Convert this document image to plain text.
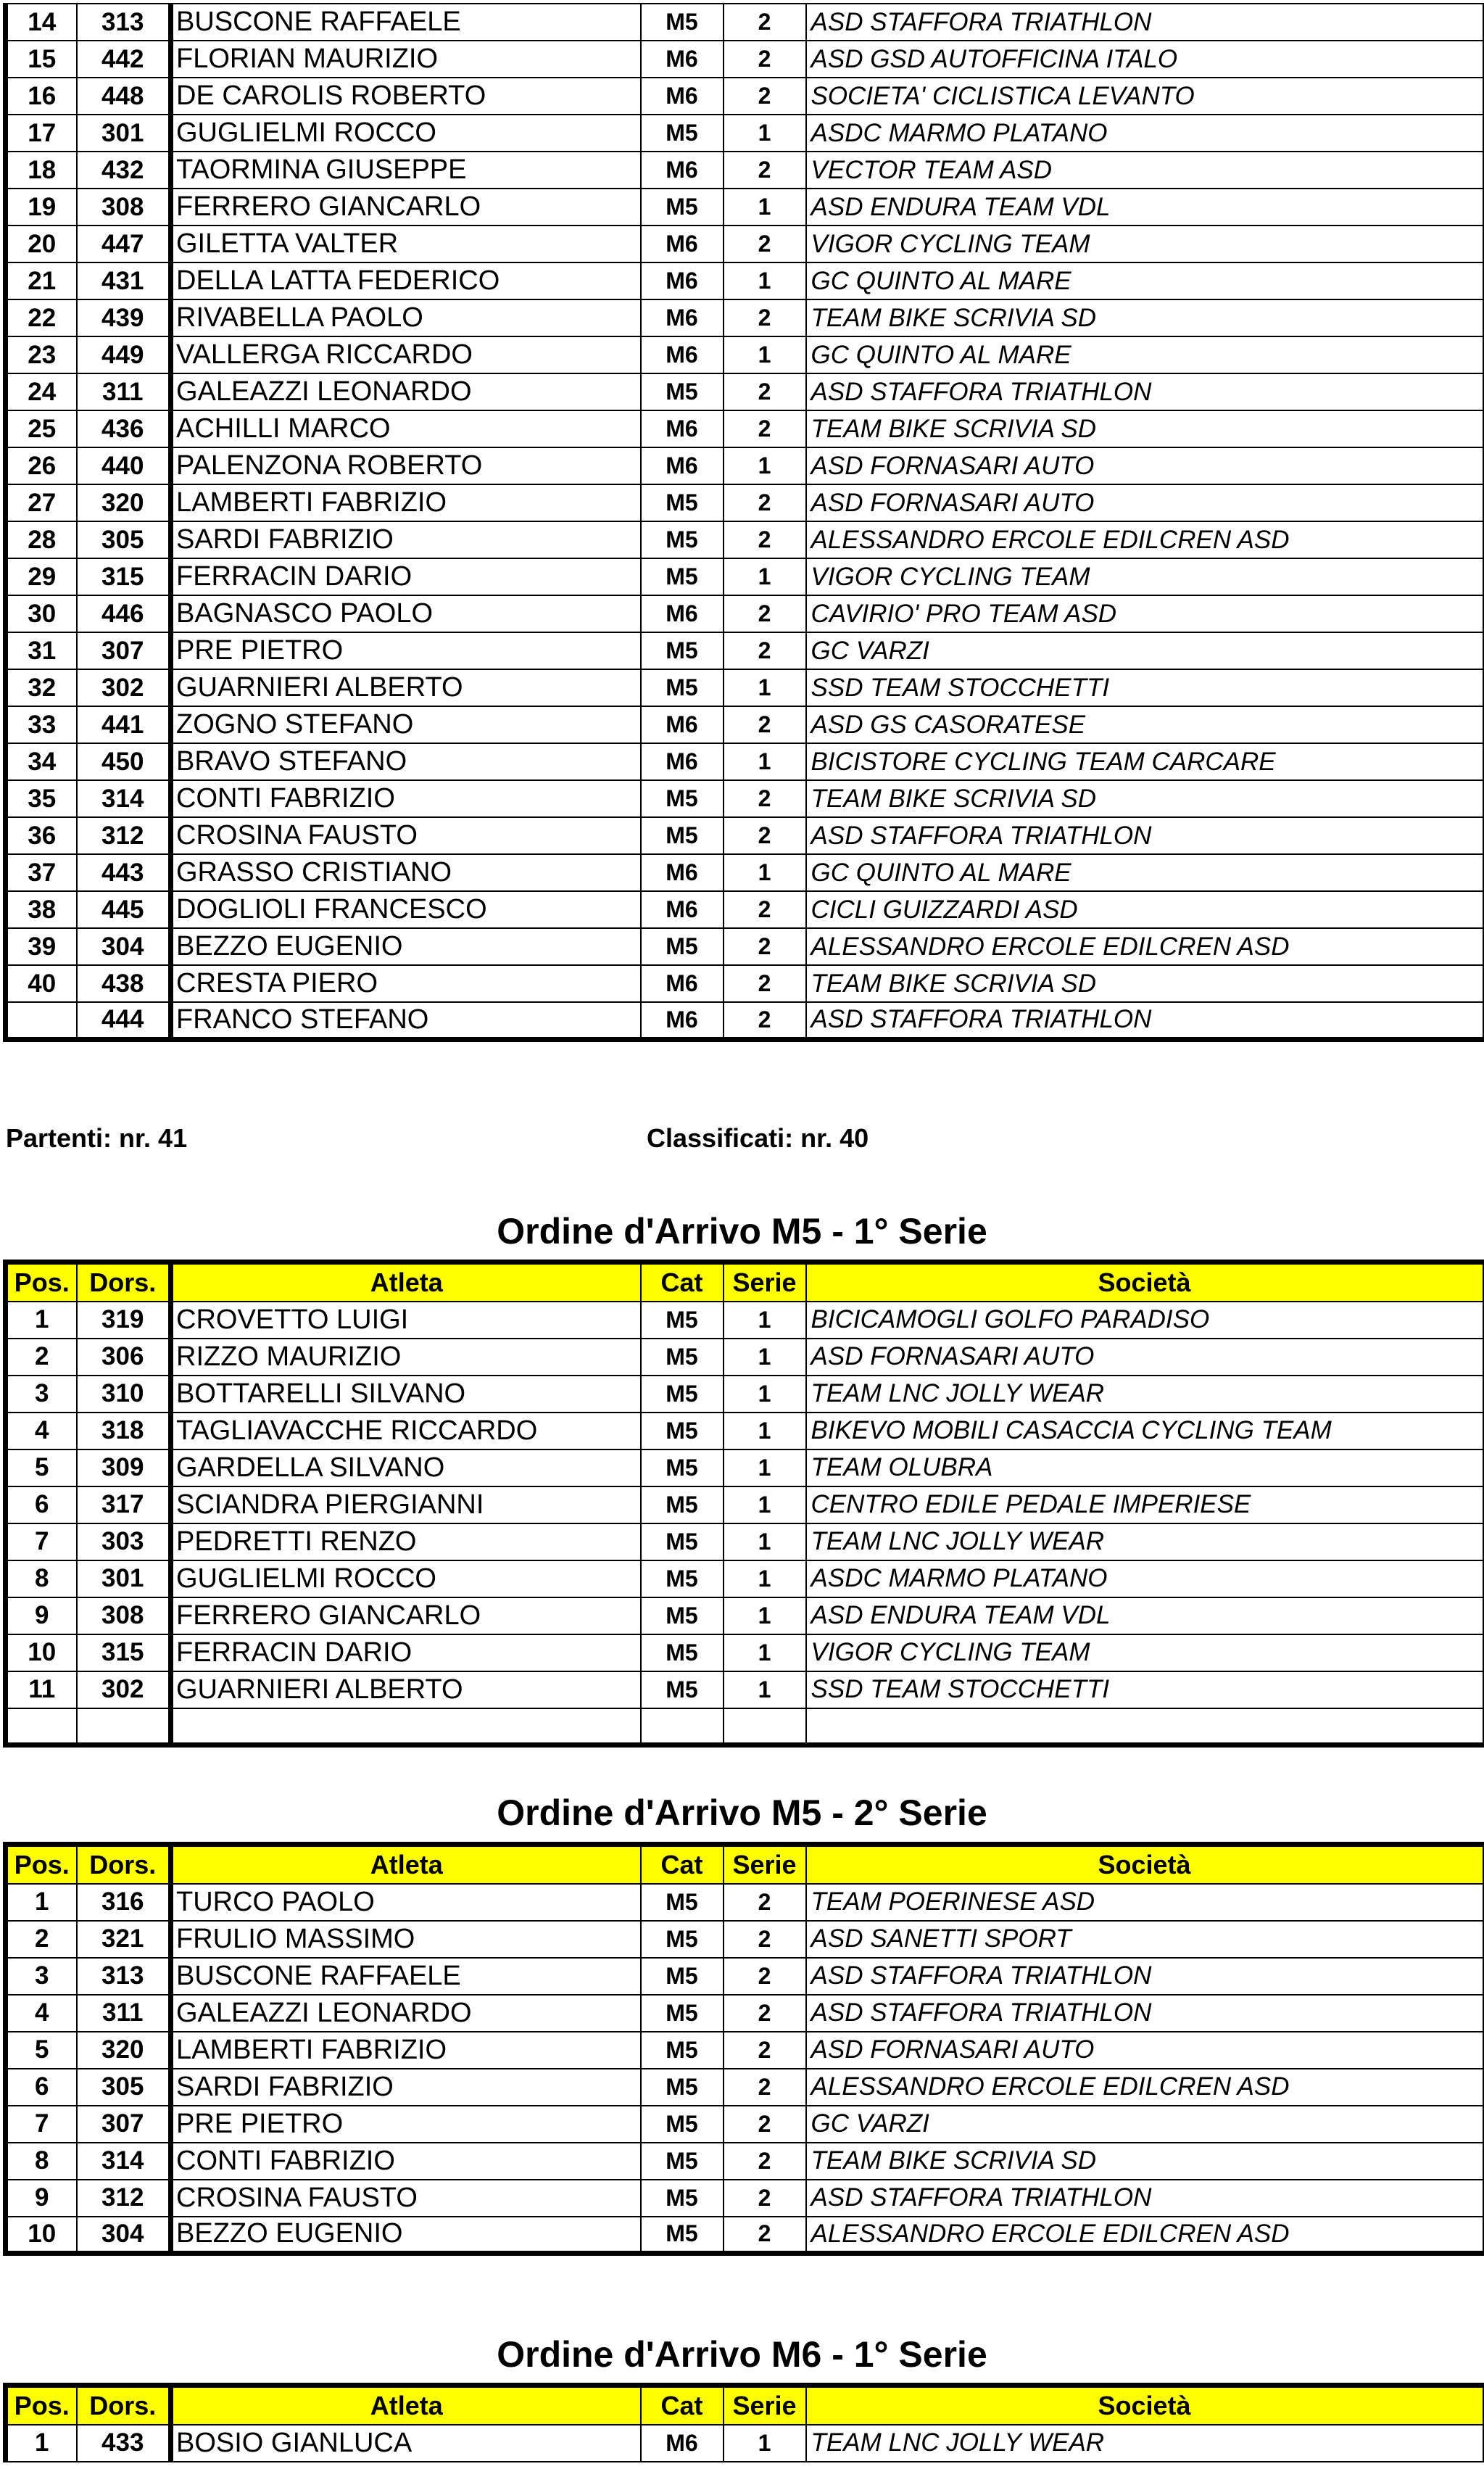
14	313	BUSCONE RAFFAELE	M5	2	ASD STAFFORA TRIATHLON
15	442	FLORIAN MAURIZIO	M6	2	ASD GSD AUTOFFICINA ITALO
16	448	DE CAROLIS ROBERTO	M6	2	SOCIETA' CICLISTICA LEVANTO
17	301	GUGLIELMI ROCCO	M5	1	ASDC MARMO PLATANO
18	432	TAORMINA GIUSEPPE	M6	2	VECTOR TEAM ASD
19	308	FERRERO GIANCARLO	M5	1	ASD ENDURA TEAM VDL
20	447	GILETTA VALTER	M6	2	VIGOR CYCLING TEAM
21	431	DELLA LATTA FEDERICO	M6	1	GC QUINTO AL MARE
22	439	RIVABELLA PAOLO	M6	2	TEAM BIKE SCRIVIA SD
23	449	VALLERGA RICCARDO	M6	1	GC QUINTO AL MARE
24	311	GALEAZZI LEONARDO	M5	2	ASD STAFFORA TRIATHLON
25	436	ACHILLI MARCO	M6	2	TEAM BIKE SCRIVIA SD
26	440	PALENZONA ROBERTO	M6	1	ASD FORNASARI AUTO
27	320	LAMBERTI FABRIZIO	M5	2	ASD FORNASARI AUTO
28	305	SARDI FABRIZIO	M5	2	ALESSANDRO ERCOLE EDILCREN ASD
29	315	FERRACIN DARIO	M5	1	VIGOR CYCLING TEAM
30	446	BAGNASCO PAOLO	M6	2	CAVIRIO' PRO TEAM ASD
31	307	PRE PIETRO	M5	2	GC VARZI
32	302	GUARNIERI ALBERTO	M5	1	SSD TEAM STOCCHETTI
33	441	ZOGNO STEFANO	M6	2	ASD GS CASORATESE
34	450	BRAVO STEFANO	M6	1	BICISTORE CYCLING TEAM CARCARE
35	314	CONTI FABRIZIO	M5	2	TEAM BIKE SCRIVIA SD
36	312	CROSINA FAUSTO	M5	2	ASD STAFFORA TRIATHLON
37	443	GRASSO CRISTIANO	M6	1	GC QUINTO AL MARE
38	445	DOGLIOLI FRANCESCO	M6	2	CICLI GUIZZARDI ASD
39	304	BEZZO EUGENIO	M5	2	ALESSANDRO ERCOLE EDILCREN ASD
40	438	CRESTA PIERO	M6	2	TEAM BIKE SCRIVIA SD
	444	FRANCO STEFANO	M6	2	ASD STAFFORA TRIATHLON
Partenti: nr. 41	Classificati: nr. 40
Ordine d'Arrivo M5 - 1° Serie
Pos.	Dors.	Atleta	Cat	Serie	Società
1	319	CROVETTO LUIGI	M5	1	BICICAMOGLI GOLFO PARADISO
2	306	RIZZO MAURIZIO	M5	1	ASD FORNASARI AUTO
3	310	BOTTARELLI SILVANO	M5	1	TEAM LNC JOLLY WEAR
4	318	TAGLIAVACCHE RICCARDO	M5	1	BIKEVO MOBILI CASACCIA CYCLING TEAM
5	309	GARDELLA SILVANO	M5	1	TEAM OLUBRA
6	317	SCIANDRA PIERGIANNI	M5	1	CENTRO EDILE PEDALE IMPERIESE
7	303	PEDRETTI RENZO	M5	1	TEAM LNC JOLLY WEAR
8	301	GUGLIELMI ROCCO	M5	1	ASDC MARMO PLATANO
9	308	FERRERO GIANCARLO	M5	1	ASD ENDURA TEAM VDL
10	315	FERRACIN DARIO	M5	1	VIGOR CYCLING TEAM
11	302	GUARNIERI ALBERTO	M5	1	SSD TEAM STOCCHETTI

Ordine d'Arrivo M5 - 2° Serie
Pos.	Dors.	Atleta	Cat	Serie	Società
1	316	TURCO PAOLO	M5	2	TEAM POERINESE ASD
2	321	FRULIO MASSIMO	M5	2	ASD SANETTI SPORT
3	313	BUSCONE RAFFAELE	M5	2	ASD STAFFORA TRIATHLON
4	311	GALEAZZI LEONARDO	M5	2	ASD STAFFORA TRIATHLON
5	320	LAMBERTI FABRIZIO	M5	2	ASD FORNASARI AUTO
6	305	SARDI FABRIZIO	M5	2	ALESSANDRO ERCOLE EDILCREN ASD
7	307	PRE PIETRO	M5	2	GC VARZI
8	314	CONTI FABRIZIO	M5	2	TEAM BIKE SCRIVIA SD
9	312	CROSINA FAUSTO	M5	2	ASD STAFFORA TRIATHLON
10	304	BEZZO EUGENIO	M5	2	ALESSANDRO ERCOLE EDILCREN ASD
Ordine d'Arrivo M6 - 1° Serie
Pos.	Dors.	Atleta	Cat	Serie	Società
1	433	BOSIO GIANLUCA	M6	1	TEAM LNC JOLLY WEAR
